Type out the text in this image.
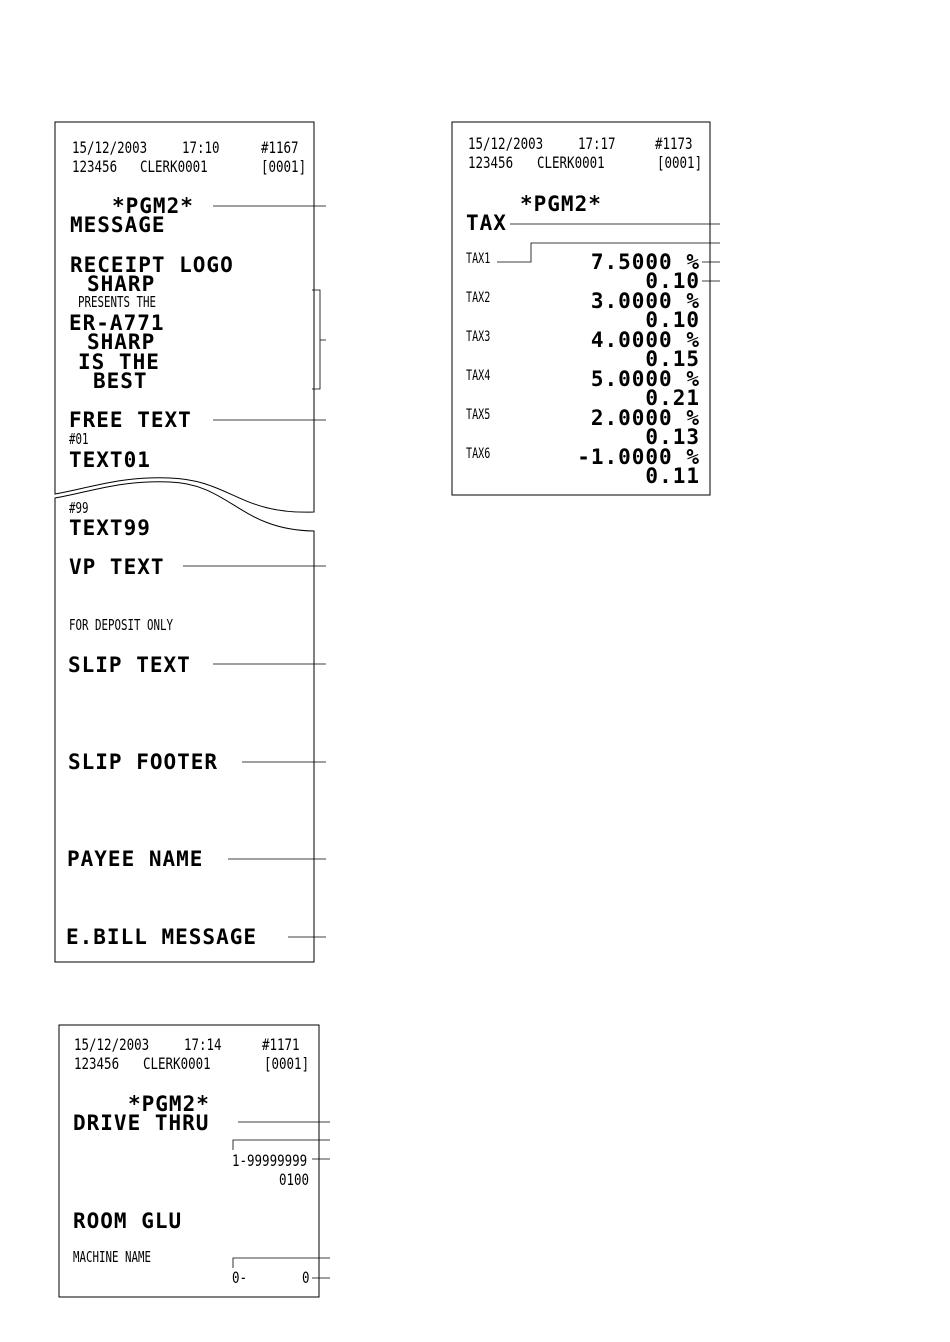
15/12/2003 17:10	#1167
123456 CLERK0001	[0001]
*PGM2*
MESSAGE
RECEIPT LOGO
SHARP
PRESENTS THE
ER-A771
SHARP
IS THE
BEST
FREE TEXT
#01
TEXT01
#99
TEXT99
VP TEXT
FOR DEPOSIT ONLY
SLIP TEXT
SLIP FOOTER
PAYEE NAME
E.BILL MESSAGE
15/12/2003 17:17 #1173
123456 CLERK0001	[0001]
*PGM2*
TAX
TAX1	7.5000 %
0.10
TAX2	3.0000 %
0.10
TAX3	4.0000 %
0.15
TAX4	5.0000 %
0.21
TAX5	2.0000 %
0.13
TAX6	-1.0000 %
0.11
15/12/2003 17:14	#1171
123456 CLERK0001	[0001]
*PGM2*
DRIVE THRU
1-99999999
0100
ROOM GLU
MACHINE NAME
0-	0
